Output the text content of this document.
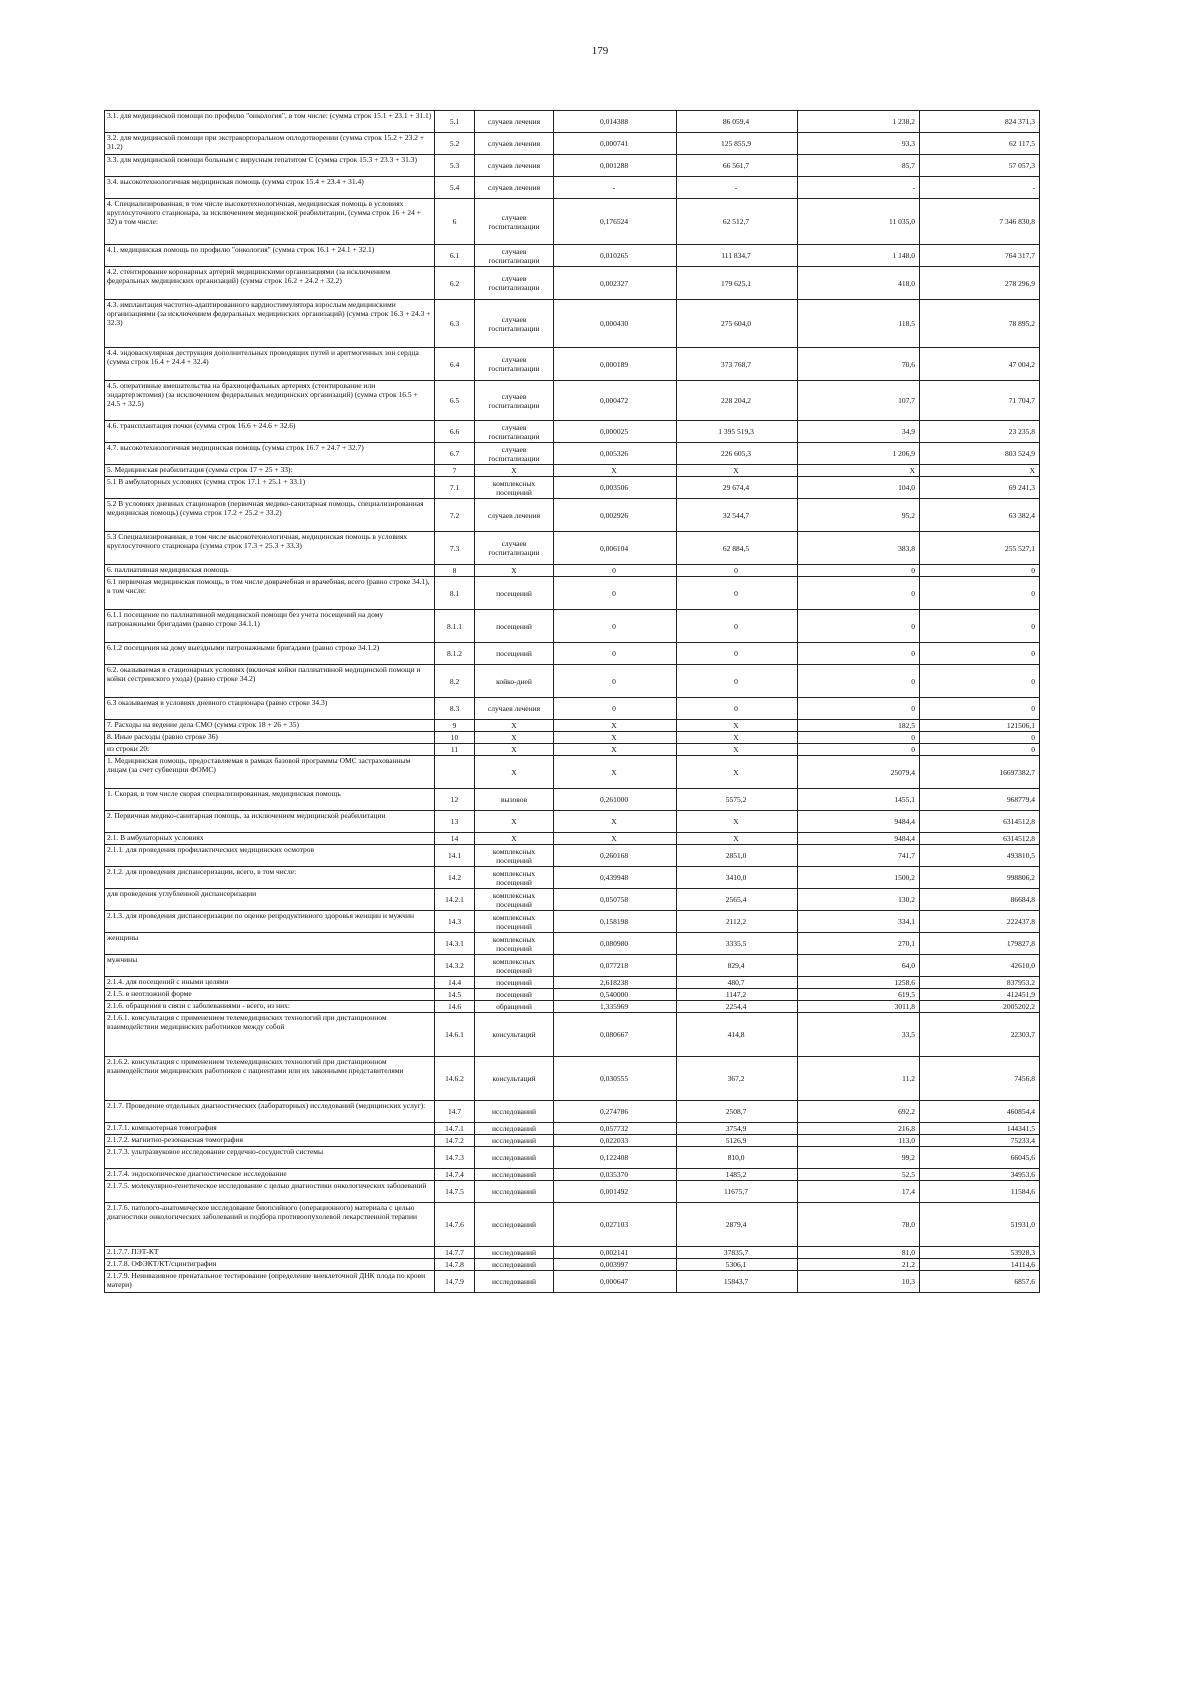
179
3.1. для медицинской помощи по профилю "онкология", в том числе: (сумма строк 15.1 + 23.1 + 31.1)	5.1	случаев лечения	0,014388	86 059,4	1 238,2	824 371,3
3.2. для медицинской помощи при экстракорпоральном оплодотворении (сумма строк 15.2 + 23.2 + 31.2)	5.2	случаев лечения	0,000741	125 855,9	93,3	62 117,5
3.3. для медицинской помощи больным с вирусным гепатитом С (сумма строк 15.3 + 23.3 + 31.3)	5.3	случаев лечения	0,001288	66 561,7	85,7	57 057,3
3.4. высокотехнологичная медицинская помощь (сумма строк 15.4 + 23.4 + 31.4)	5.4	случаев лечения	-	-	-	-
4. Специализированная, в том числе высокотехнологичная, медицинская помощь в условиях круглосуточного стационара, за исключением медицинской реабилитации, (сумма строк 16 + 24 + 32) в том числе:	6	случаев госпитализации	0,176524	62 512,7	11 035,0	7 346 830,8
4.1. медицинская помощь по профилю "онкология" (сумма строк 16.1 + 24.1 + 32.1)	6.1	случаев госпитализации	0,010265	111 834,7	1 148,0	764 317,7
4.2. стентирование коронарных артерий медицинскими организациями (за исключением федеральных медицинских организаций) (сумма строк 16.2 + 24.2 + 32.2)	6.2	случаев госпитализации	0,002327	179 625,1	418,0	278 296,9
4.3. имплантация частотно-адаптированного кардиостимулятора взрослым медицинскими организациями (за исключением федеральных медицинских организаций) (сумма строк 16.3 + 24.3 + 32.3)	6.3	случаев госпитализации	0,000430	275 604,0	118,5	78 895,2
4.4. эндоваскулярная деструкция дополнительных проводящих путей и аритмогенных зон сердца (сумма строк 16.4 + 24.4 + 32.4)	6.4	случаев госпитализации	0,000189	373 768,7	70,6	47 004,2
4.5. оперативные вмешательства на брахиоцефальных артериях (стентирование или эндартерэктомия) (за исключением федеральных медицинских организаций) (сумма строк 16.5 + 24.5 + 32.5)	6.5	случаев госпитализации	0,000472	228 204,2	107,7	71 704,7
4.6. трансплантация почки (сумма строк 16.6 + 24.6 + 32.6)	6.6	случаев госпитализации	0,000025	1 395 519,3	34,9	23 235,8
4.7. высокотехнологичная медицинская помощь (сумма строк 16.7 + 24.7 + 32.7)	6.7	случаев госпитализации	0,005326	226 605,3	1 206,9	803 524,9
5. Медицинская реабилитация (сумма строк 17 + 25 + 33):	7	X	X	X	X	X
5.1 В амбулаторных условиях (сумма строк 17.1 + 25.1 + 33.1)	7.1	комплексных посещений	0,003506	29 674,4	104,0	69 241,3
5.2 В условиях дневных стационаров (первичная медико-санитарная помощь, специализированная медицинская помощь) (сумма строк 17.2 + 25.2 + 33.2)	7.2	случаев лечения	0,002926	32 544,7	95,2	63 382,4
5.3 Специализированная, в том числе высокотехнологичная, медицинская помощь в условиях круглосуточного стационара (сумма строк 17.3 + 25.3 + 33.3)	7.3	случаев госпитализации	0,006104	62 884,5	383,8	255 527,1
6. паллиативная медицинская помощь	8	X	0	0	0	0
6.1 первичная медицинская помощь, в том числе доврачебная и врачебная, всего (равно строке 34.1), в том числе:	8.1	посещений	0	0	0	0
6.1.1 посещение по паллиативной медицинской помощи без учета посещений на дому патронажными бригадами (равно строке 34.1.1)	8.1.1	посещений	0	0	0	0
6.1.2 посещения на дому выездными патронажными бригадами (равно строке 34.1.2)	8.1.2	посещений	0	0	0	0
6.2. оказываемая в стационарных условиях (включая койки паллиативной медицинской помощи и койки сестринского ухода) (равно строке 34.2)	8.2	койко-дней	0	0	0	0
6.3 оказываемая в условиях дневного стационара (равно строке 34.3)	8.3	случаев лечения	0	0	0	0
7. Расходы на ведение дела СМО (сумма строк 18 + 26 + 35)	9	X	X	X	182,5	121506,1
8. Иные расходы (равно строке 36)	10	X	X	X	0	0
из строки 20:	11	X	X	X	0	0
1. Медицинская помощь, предоставляемая в рамках базовой программы ОМС застрахованным лицам (за счет субвенции ФОМС)		X	X	X	25079,4	16697382,7
1. Скорая, в том числе скорая специализированная, медицинская помощь	12	вызовов	0,261000	5575,2	1455,1	968779,4
2. Первичная медико-санитарная помощь, за исключением медицинской реабилитации	13	X	X	X	9484,4	6314512,8
2.1. В амбулаторных условиях	14	X	X	X	9484,4	6314512,8
2.1.1. для проведения профилактических медицинских осмотров	14.1	комплексных посещений	0,260168	2851,0	741,7	493810,5
2.1.2. для проведения диспансеризации, всего, в том числе:	14.2	комплексных посещений	0,439948	3410,0	1500,2	998806,2
для проведения углубленной диспансеризации	14.2.1	комплексных посещений	0,050758	2565,4	130,2	86684,8
2.1.3. для проведения диспансеризации по оценке репродуктивного здоровья женщин и мужчин	14.3	комплексных посещений	0,158198	2112,2	334,1	222437,8
женщины	14.3.1	комплексных посещений	0,080980	3335,5	270,1	179827,8
мужчины	14.3.2	комплексных посещений	0,077218	829,4	64,0	42610,0
2.1.4. для посещений с иными целями	14.4	посещений	2,618238	480,7	1258,6	837953,2
2.1.5. в неотложной форме	14.5	посещений	0,540000	1147,2	619,5	412451,9
2.1.6. обращения в связи с заболеваниями - всего, из них:	14.6	обращений	1,335969	2254,4	3011,8	2005202,2
2.1.6.1. консультация с применением телемедицинских технологий при дистанционном взаимодействии медицинских работников между собой	14.6.1	консультаций	0,080667	414,8	33,5	22303,7
2.1.6.2. консультация с применением телемедицинских технологий при дистанционном взаимодействии медицинских работников с пациентами или их законными представителями	14.6.2	консультаций	0,030555	367,2	11,2	7456,8
2.1.7. Проведение отдельных диагностических (лабораторных) исследований (медицинских услуг):	14.7	исследований	0,274786	2508,7	692,2	460854,4
2.1.7.1. компьютерная томография	14.7.1	исследований	0,057732	3754,9	216,8	144341,5
2.1.7.2. магнитно-резонансная томография	14.7.2	исследований	0,022033	5126,9	113,0	75233,4
2.1.7.3. ультразвуковое исследование сердечно-сосудистой системы	14.7.3	исследований	0,122408	810,0	99,2	66045,6
2.1.7.4. эндоскопическое диагностическое исследование	14.7.4	исследований	0,035370	1485,2	52,5	34953,6
2.1.7.5. молекулярно-генетическое исследование с целью диагностики онкологических заболеваний	14.7.5	исследований	0,001492	11675,7	17,4	11584,6
2.1.7.6. патолого-анатомическое исследование биопсийного (операционного) материала с целью диагностики онкологических заболеваний и подбора противоопухолевой лекарственной терапии	14.7.6	исследований	0,027103	2879,4	78,0	51931,0
2.1.7.7. ПЭТ-КТ	14.7.7	исследований	0,002141	37835,7	81,0	53928,3
2.1.7.8. ОФЭКТ/КТ/сцинтиграфия	14.7.8	исследований	0,003997	5306,1	21,2	14114,6
2.1.7.9. Неинвазивное пренатальное тестирование (определение внеклеточной ДНК плода по крови матери)	14.7.9	исследований	0,000647	15843,7	10,3	6857,6
